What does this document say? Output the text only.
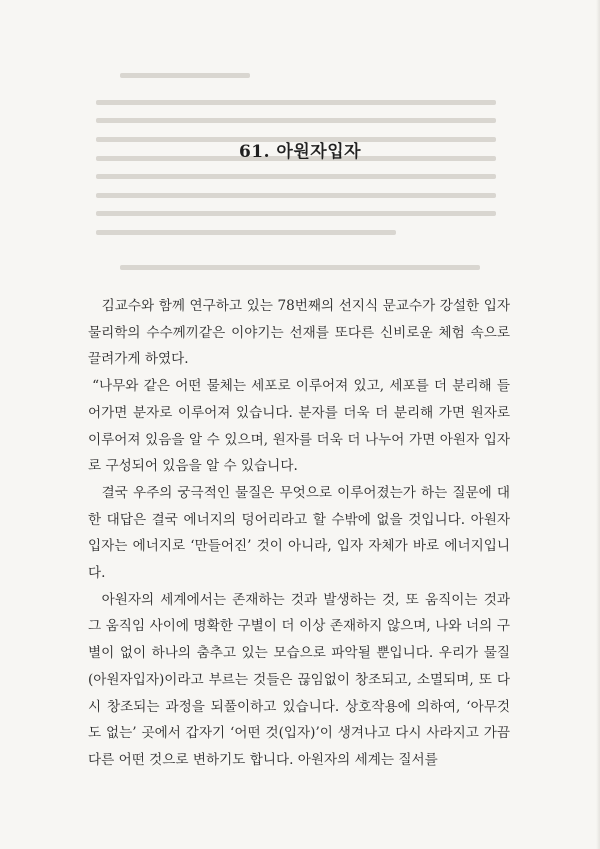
61. 아원자입자

김교수와 함께 연구하고 있는 78번째의 선지식 문교수가 강설한 입자물리학의 수수께끼같은 이야기는 선재를 또다른 신비로운 체험 속으로 끌려가게 하였다.

“나무와 같은 어떤 물체는 세포로 이루어져 있고, 세포를 더 분리해 들어가면 분자로 이루어져 있습니다. 분자를 더욱 더 분리해 가면 원자로 이루어져 있음을 알 수 있으며, 원자를 더욱 더 나누어 가면 아원자 입자로 구성되어 있음을 알 수 있습니다.

결국 우주의 궁극적인 물질은 무엇으로 이루어졌는가 하는 질문에 대한 대답은 결국 에너지의 덩어리라고 할 수밖에 없을 것입니다. 아원자입자는 에너지로 ‘만들어진’ 것이 아니라, 입자 자체가 바로 에너지입니다.

아원자의 세계에서는 존재하는 것과 발생하는 것, 또 움직이는 것과 그 움직임 사이에 명확한 구별이 더 이상 존재하지 않으며, 나와 너의 구별이 없이 하나의 춤추고 있는 모습으로 파악될 뿐입니다. 우리가 물질(아원자입자)이라고 부르는 것들은 끊임없이 창조되고, 소멸되며, 또 다시 창조되는 과정을 되풀이하고 있습니다. 상호작용에 의하여, ‘아무것도 없는’ 곳에서 갑자기 ‘어떤 것(입자)’이 생겨나고 다시 사라지고 가끔 다른 어떤 것으로 변하기도 합니다. 아원자의 세계는 질서를
